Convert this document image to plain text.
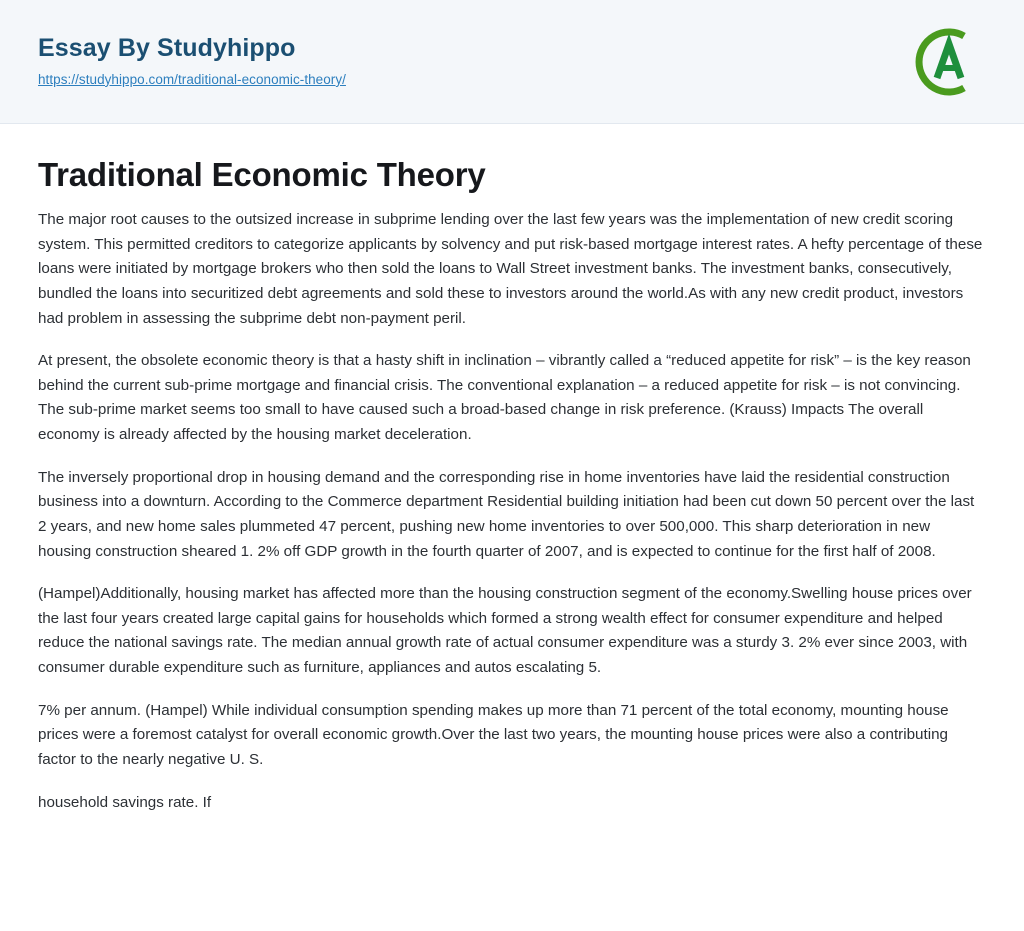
Essay By Studyhippo
https://studyhippo.com/traditional-economic-theory/
Traditional Economic Theory

The major root causes to the outsized increase in subprime lending over the last few years was the implementation of new credit scoring system. This permitted creditors to categorize applicants by solvency and put risk-based mortgage interest rates. A hefty percentage of these loans were initiated by mortgage brokers who then sold the loans to Wall Street investment banks. The investment banks, consecutively, bundled the loans into securitized debt agreements and sold these to investors around the world.As with any new credit product, investors had problem in assessing the subprime debt non-payment peril.

At present, the obsolete economic theory is that a hasty shift in inclination – vibrantly called a “reduced appetite for risk” – is the key reason behind the current sub-prime mortgage and financial crisis. The conventional explanation – a reduced appetite for risk – is not convincing. The sub-prime market seems too small to have caused such a broad-based change in risk preference. (Krauss) Impacts The overall economy is already affected by the housing market deceleration.

The inversely proportional drop in housing demand and the corresponding rise in home inventories have laid the residential construction business into a downturn. According to the Commerce department Residential building initiation had been cut down 50 percent over the last 2 years, and new home sales plummeted 47 percent, pushing new home inventories to over 500,000. This sharp deterioration in new housing construction sheared 1. 2% off GDP growth in the fourth quarter of 2007, and is expected to continue for the first half of 2008.

(Hampel)Additionally, housing market has affected more than the housing construction segment of the economy.Swelling house prices over the last four years created large capital gains for households which formed a strong wealth effect for consumer expenditure and helped reduce the national savings rate. The median annual growth rate of actual consumer expenditure was a sturdy 3. 2% ever since 2003, with consumer durable expenditure such as furniture, appliances and autos escalating 5.

7% per annum. (Hampel) While individual consumption spending makes up more than 71 percent of the total economy, mounting house prices were a foremost catalyst for overall economic growth.Over the last two years, the mounting house prices were also a contributing factor to the nearly negative U. S.

household savings rate. If
